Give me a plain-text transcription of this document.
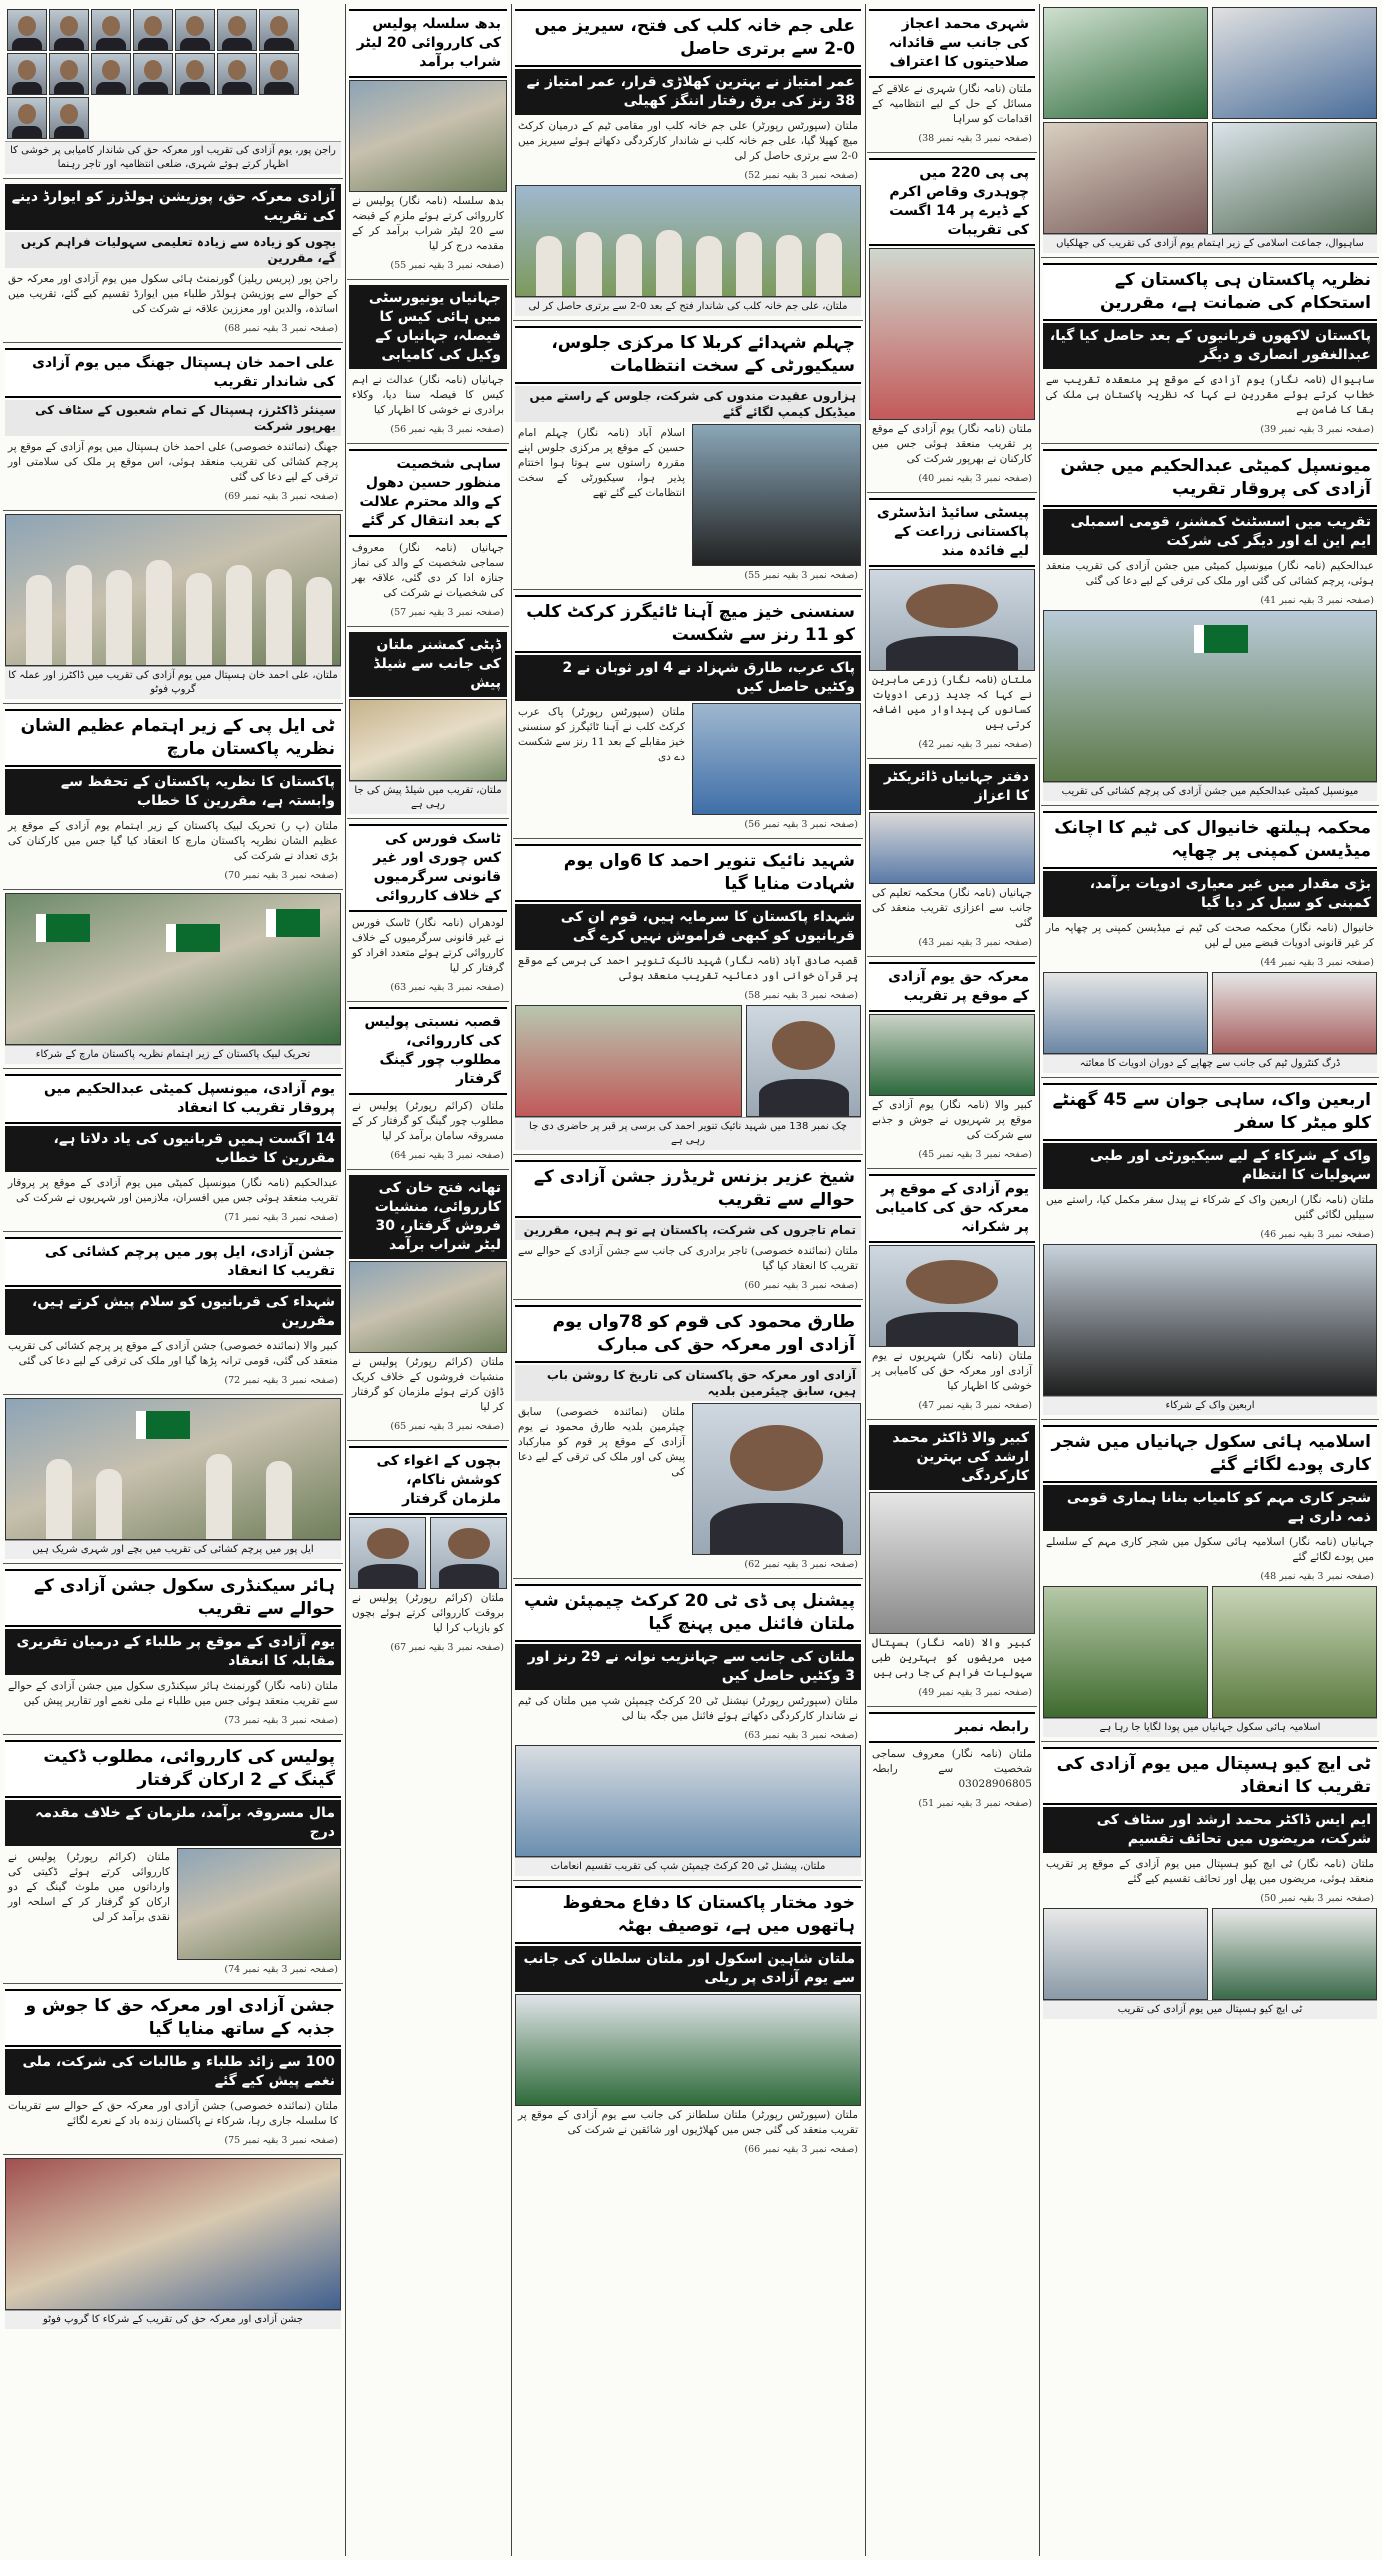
راجن پور، یوم آزادی کی تقریب اور معرکہ حق کی شاندار کامیابی پر خوشی کا اظہار کرتے ہوئے شہری، ضلعی انتظامیہ اور تاجر رہنما
آزادی معرکہ حق، پوزیشن ہولڈرز کو ایوارڈ دینے کی تقریب
بچوں کو زیادہ سے زیادہ تعلیمی سہولیات فراہم کریں گے، مقررین
راجن پور (پریس ریلیز) گورنمنٹ ہائی سکول میں یوم آزادی اور معرکہ حق کے حوالے سے پوزیشن ہولڈر طلباء میں ایوارڈ تقسیم کیے گئے، تقریب میں اساتذہ، والدین اور معززین علاقہ نے شرکت کی
(صفحہ نمبر 3 بقیہ نمبر 68)
علی احمد خان ہسپتال جھنگ میں یوم آزادی کی شاندار تقریب
سینئر ڈاکٹرز، ہسپتال کے تمام شعبوں کے سٹاف کی بھرپور شرکت
جھنگ (نمائندہ خصوصی) علی احمد خان ہسپتال میں یوم آزادی کے موقع پر پرچم کشائی کی تقریب منعقد ہوئی، اس موقع پر ملک کی سلامتی اور ترقی کے لیے دعا کی گئی
(صفحہ نمبر 3 بقیہ نمبر 69)
ملتان، علی احمد خان ہسپتال میں یوم آزادی کی تقریب میں ڈاکٹرز اور عملہ کا گروپ فوٹو
ٹی ایل پی کے زیر اہتمام عظیم الشان نظریہ پاکستان مارچ
پاکستان کا نظریہ پاکستان کے تحفظ سے وابستہ ہے، مقررین کا خطاب
ملتان (پ ر) تحریک لبیک پاکستان کے زیر اہتمام یوم آزادی کے موقع پر عظیم الشان نظریہ پاکستان مارچ کا انعقاد کیا گیا جس میں کارکنان کی بڑی تعداد نے شرکت کی
(صفحہ نمبر 3 بقیہ نمبر 70)
تحریک لبیک پاکستان کے زیر اہتمام نظریہ پاکستان مارچ کے شرکاء
یوم آزادی، میونسپل کمیٹی عبدالحکیم میں پروقار تقریب کا انعقاد
14 اگست ہمیں قربانیوں کی یاد دلاتا ہے، مقررین کا خطاب
عبدالحکیم (نامہ نگار) میونسپل کمیٹی میں یوم آزادی کے موقع پر پروقار تقریب منعقد ہوئی جس میں افسران، ملازمین اور شہریوں نے شرکت کی
(صفحہ نمبر 3 بقیہ نمبر 71)
جشن آزادی، ایل پور میں پرچم کشائی کی تقریب کا انعقاد
شہداء کی قربانیوں کو سلام پیش کرتے ہیں، مقررین
کبیر والا (نمائندہ خصوصی) جشن آزادی کے موقع پر پرچم کشائی کی تقریب منعقد کی گئی، قومی ترانہ پڑھا گیا اور ملک کی ترقی کے لیے دعا کی گئی
(صفحہ نمبر 3 بقیہ نمبر 72)
ایل پور میں پرچم کشائی کی تقریب میں بچے اور شہری شریک ہیں
ہائر سیکنڈری سکول جشن آزادی کے حوالے سے تقریب
یوم آزادی کے موقع پر طلباء کے درمیان تقریری مقابلہ کا انعقاد
ملتان (نامہ نگار) گورنمنٹ ہائر سیکنڈری سکول میں جشن آزادی کے حوالے سے تقریب منعقد ہوئی جس میں طلباء نے ملی نغمے اور تقاریر پیش کیں
(صفحہ نمبر 3 بقیہ نمبر 73)
پولیس کی کارروائی، مطلوب ڈکیت گینگ کے 2 ارکان گرفتار
مال مسروقہ برآمد، ملزمان کے خلاف مقدمہ درج
ملتان (کرائم رپورٹر) پولیس نے کارروائی کرتے ہوئے ڈکیتی کی وارداتوں میں ملوث گینگ کے دو ارکان کو گرفتار کر کے اسلحہ اور نقدی برآمد کر لی
(صفحہ نمبر 3 بقیہ نمبر 74)
جشن آزادی اور معرکہ حق کا جوش و جذبہ کے ساتھ منایا گیا
100 سے زائد طلباء و طالبات کی شرکت، ملی نغمے پیش کیے گئے
ملتان (نمائندہ خصوصی) جشن آزادی اور معرکہ حق کے حوالے سے تقریبات کا سلسلہ جاری رہا، شرکاء نے پاکستان زندہ باد کے نعرے لگائے
(صفحہ نمبر 3 بقیہ نمبر 75)
جشن آزادی اور معرکہ حق کی تقریب کے شرکاء کا گروپ فوٹو
بدھ سلسلہ پولیس کی کارروائی 20 لیٹر شراب برآمد
بدھ سلسلہ (نامہ نگار) پولیس نے کارروائی کرتے ہوئے ملزم کے قبضہ سے 20 لیٹر شراب برآمد کر کے مقدمہ درج کر لیا
(صفحہ نمبر 3 بقیہ نمبر 55)
جہانیاں یونیورسٹی میں ہائی کیس کا فیصلہ، جہانیاں کے وکیل کی کامیابی
جہانیاں (نامہ نگار) عدالت نے اہم کیس کا فیصلہ سنا دیا، وکلاء برادری نے خوشی کا اظہار کیا
(صفحہ نمبر 3 بقیہ نمبر 56)
ساہی شخصیت منظور حسین دھول کے والد محترم علالت کے بعد انتقال کر گئے
جہانیاں (نامہ نگار) معروف سماجی شخصیت کے والد کی نماز جنازہ ادا کر دی گئی، علاقہ بھر کی شخصیات نے شرکت کی
(صفحہ نمبر 3 بقیہ نمبر 57)
ڈپٹی کمشنر ملتان کی جانب سے شیلڈ پیش
ملتان، تقریب میں شیلڈ پیش کی جا رہی ہے
ٹاسک فورس کی کس چوری اور غیر قانونی سرگرمیوں کے خلاف کارروائی
لودھراں (نامہ نگار) ٹاسک فورس نے غیر قانونی سرگرمیوں کے خلاف کارروائی کرتے ہوئے متعدد افراد کو گرفتار کر لیا
(صفحہ نمبر 3 بقیہ نمبر 63)
قصبہ نسبتی پولیس کی کارروائی، مطلوب چور گینگ گرفتار
ملتان (کرائم رپورٹر) پولیس نے مطلوب چور گینگ کو گرفتار کر کے مسروقہ سامان برآمد کر لیا
(صفحہ نمبر 3 بقیہ نمبر 64)
تھانہ فتح خان کی کارروائی، منشیات فروش گرفتار، 30 لیٹر شراب برآمد
ملتان (کرائم رپورٹر) پولیس نے منشیات فروشوں کے خلاف کریک ڈاؤن کرتے ہوئے ملزمان کو گرفتار کر لیا
(صفحہ نمبر 3 بقیہ نمبر 65)
بچوں کے اغواء کی کوشش ناکام، ملزمان گرفتار
ملتان (کرائم رپورٹر) پولیس نے بروقت کارروائی کرتے ہوئے بچوں کو بازیاب کرا لیا
(صفحہ نمبر 3 بقیہ نمبر 67)
علی جم خانہ کلب کی فتح، سیریز میں 0-2 سے برتری حاصل
عمر امتیاز نے بہترین کھلاڑی قرار، عمر امتیاز نے 38 رنز کی برق رفتار اننگز کھیلی
ملتان (سپورٹس رپورٹر) علی جم خانہ کلب اور مقامی ٹیم کے درمیان کرکٹ میچ کھیلا گیا، علی جم خانہ کلب نے شاندار کارکردگی دکھاتے ہوئے سیریز میں 0-2 سے برتری حاصل کر لی
(صفحہ نمبر 3 بقیہ نمبر 52)
ملتان، علی جم خانہ کلب کی شاندار فتح کے بعد 0-2 سے برتری حاصل کر لی
چہلم شہدائے کربلا کا مرکزی جلوس، سیکیورٹی کے سخت انتظامات
ہزاروں عقیدت مندوں کی شرکت، جلوس کے راستے میں میڈیکل کیمپ لگائے گئے
اسلام آباد (نامہ نگار) چہلم امام حسین کے موقع پر مرکزی جلوس اپنے مقررہ راستوں سے ہوتا ہوا اختتام پذیر ہوا، سیکیورٹی کے سخت انتظامات کیے گئے تھے
(صفحہ نمبر 3 بقیہ نمبر 55)
سنسنی خیز میچ آہنا ٹائیگرز کرکٹ کلب کو 11 رنز سے شکست
پاک عرب، طارق شہزاد نے 4 اور ثوبان نے 2 وکٹیں حاصل کیں
ملتان (سپورٹس رپورٹر) پاک عرب کرکٹ کلب نے آہنا ٹائیگرز کو سنسنی خیز مقابلے کے بعد 11 رنز سے شکست دے دی
(صفحہ نمبر 3 بقیہ نمبر 56)
شہید نائیک تنویر احمد کا 6واں یوم شہادت منایا گیا
شہداء پاکستان کا سرمایہ ہیں، قوم ان کی قربانیوں کو کبھی فراموش نہیں کرے گی
قصبہ صادق آباد (نامہ نگار) شہید نائیک تنویر احمد کی برسی کے موقع پر قرآن خوانی اور دعائیہ تقریب منعقد ہوئی
(صفحہ نمبر 3 بقیہ نمبر 58)
چک نمبر 138 میں شہید نائیک تنویر احمد کی برسی پر قبر پر حاضری دی جا رہی ہے
شیخ عزیر بزنس ٹریڈرز جشن آزادی کے حوالے سے تقریب
تمام تاجروں کی شرکت، پاکستان ہے تو ہم ہیں، مقررین
ملتان (نمائندہ خصوصی) تاجر برادری کی جانب سے جشن آزادی کے حوالے سے تقریب کا انعقاد کیا گیا
(صفحہ نمبر 3 بقیہ نمبر 60)
طارق محمود کی قوم کو 78واں یوم آزادی اور معرکہ حق کی مبارک
آزادی اور معرکہ حق پاکستان کی تاریخ کا روشن باب ہیں، سابق چیئرمین بلدیہ
ملتان (نمائندہ خصوصی) سابق چیئرمین بلدیہ طارق محمود نے یوم آزادی کے موقع پر قوم کو مبارکباد پیش کی اور ملک کی ترقی کے لیے دعا کی
(صفحہ نمبر 3 بقیہ نمبر 62)
پیشنل پی ڈی ٹی 20 کرکٹ چیمپئن شپ ملتان فائنل میں پہنچ گیا
ملتان کی جانب سے جہانزیب نوانہ نے 29 رنز اور 3 وکٹیں حاصل کیں
ملتان (سپورٹس رپورٹر) نیشنل ٹی 20 کرکٹ چیمپئن شپ میں ملتان کی ٹیم نے شاندار کارکردگی دکھاتے ہوئے فائنل میں جگہ بنا لی
(صفحہ نمبر 3 بقیہ نمبر 63)
ملتان، پیشنل ٹی 20 کرکٹ چیمپئن شپ کی تقریب تقسیم انعامات
خود مختار پاکستان کا دفاع محفوظ ہاتھوں میں ہے، توصیف بھٹہ
ملتان شاہین اسکول اور ملتان سلطان کی جانب سے یوم آزادی پر ریلی
ملتان (سپورٹس رپورٹر) ملتان سلطانز کی جانب سے یوم آزادی کے موقع پر تقریب منعقد کی گئی جس میں کھلاڑیوں اور شائقین نے شرکت کی
(صفحہ نمبر 3 بقیہ نمبر 66)
شہری محمد اعجاز کی جانب سے قائدانہ صلاحیتوں کا اعتراف
ملتان (نامہ نگار) شہری نے علاقے کے مسائل کے حل کے لیے انتظامیہ کے اقدامات کو سراہا
(صفحہ نمبر 3 بقیہ نمبر 38)
پی پی 220 میں چوہدری وقاص اکرم کے ڈیرے پر 14 اگست کی تقریبات
ملتان (نامہ نگار) یوم آزادی کے موقع پر تقریب منعقد ہوئی جس میں کارکنان نے بھرپور شرکت کی
(صفحہ نمبر 3 بقیہ نمبر 40)
پیسٹی سائیڈ انڈسٹری پاکستانی زراعت کے لیے فائدہ مند
ملتان (نامہ نگار) زرعی ماہرین نے کہا کہ جدید زرعی ادویات کسانوں کی پیداوار میں اضافہ کرتی ہیں
(صفحہ نمبر 3 بقیہ نمبر 42)
دفتر جہانیاں ڈائریکٹر کا اعزاز
جہانیاں (نامہ نگار) محکمہ تعلیم کی جانب سے اعزازی تقریب منعقد کی گئی
(صفحہ نمبر 3 بقیہ نمبر 43)
معرکہ حق یوم آزادی کے موقع پر تقریب
کبیر والا (نامہ نگار) یوم آزادی کے موقع پر شہریوں نے جوش و جذبے سے شرکت کی
(صفحہ نمبر 3 بقیہ نمبر 45)
یوم آزادی کے موقع پر معرکہ حق کی کامیابی پر شکرانہ
ملتان (نامہ نگار) شہریوں نے یوم آزادی اور معرکہ حق کی کامیابی پر خوشی کا اظہار کیا
(صفحہ نمبر 3 بقیہ نمبر 47)
کبیر والا ڈاکٹر محمد ارشد کی بہترین کارکردگی
کبیر والا (نامہ نگار) ہسپتال میں مریضوں کو بہترین طبی سہولیات فراہم کی جا رہی ہیں
(صفحہ نمبر 3 بقیہ نمبر 49)
رابطہ نمبر
ملتان (نامہ نگار) معروف سماجی شخصیت سے رابطہ 03028906805
(صفحہ نمبر 3 بقیہ نمبر 51)
ساہیوال، جماعت اسلامی کے زیر اہتمام یوم آزادی کی تقریب کی جھلکیاں
نظریہ پاکستان ہی پاکستان کے استحکام کی ضمانت ہے، مقررین
پاکستان لاکھوں قربانیوں کے بعد حاصل کیا گیا، عبدالغفور انصاری و دیگر
ساہیوال (نامہ نگار) یوم آزادی کے موقع پر منعقدہ تقریب سے خطاب کرتے ہوئے مقررین نے کہا کہ نظریہ پاکستان ہی ملک کی بقا کا ضامن ہے
(صفحہ نمبر 3 بقیہ نمبر 39)
میونسپل کمیٹی عبدالحکیم میں جشن آزادی کی پروقار تقریب
تقریب میں اسسٹنٹ کمشنر، قومی اسمبلی ایم این اے اور دیگر کی شرکت
عبدالحکیم (نامہ نگار) میونسپل کمیٹی میں جشن آزادی کی تقریب منعقد ہوئی، پرچم کشائی کی گئی اور ملک کی ترقی کے لیے دعا کی گئی
(صفحہ نمبر 3 بقیہ نمبر 41)
میونسپل کمیٹی عبدالحکیم میں جشن آزادی کی پرچم کشائی کی تقریب
محکمہ ہیلتھ خانیوال کی ٹیم کا اچانک میڈیسن کمپنی پر چھاپہ
بڑی مقدار میں غیر معیاری ادویات برآمد، کمپنی کو سیل کر دیا گیا
خانیوال (نامہ نگار) محکمہ صحت کی ٹیم نے میڈیسن کمپنی پر چھاپہ مار کر غیر قانونی ادویات قبضے میں لے لیں
(صفحہ نمبر 3 بقیہ نمبر 44)
ڈرگ کنٹرول ٹیم کی جانب سے چھاپے کے دوران ادویات کا معائنہ
اربعین واک، ساہی جوان سے 45 گھنٹے کلو میٹر کا سفر
واک کے شرکاء کے لیے سیکیورٹی اور طبی سہولیات کا انتظام
ملتان (نامہ نگار) اربعین واک کے شرکاء نے پیدل سفر مکمل کیا، راستے میں سبیلیں لگائی گئیں
(صفحہ نمبر 3 بقیہ نمبر 46)
اربعین واک کے شرکاء
اسلامیہ ہائی سکول جہانیاں میں شجر کاری پودے لگائے گئے
شجر کاری مہم کو کامیاب بنانا ہماری قومی ذمہ داری ہے
جہانیاں (نامہ نگار) اسلامیہ ہائی سکول میں شجر کاری مہم کے سلسلے میں پودے لگائے گئے
(صفحہ نمبر 3 بقیہ نمبر 48)
اسلامیہ ہائی سکول جہانیاں میں پودا لگایا جا رہا ہے
ٹی ایچ کیو ہسپتال میں یوم آزادی کی تقریب کا انعقاد
ایم ایس ڈاکٹر محمد ارشد اور سٹاف کی شرکت، مریضوں میں تحائف تقسیم
ملتان (نامہ نگار) ٹی ایچ کیو ہسپتال میں یوم آزادی کے موقع پر تقریب منعقد ہوئی، مریضوں میں پھل اور تحائف تقسیم کیے گئے
(صفحہ نمبر 3 بقیہ نمبر 50)
ٹی ایچ کیو ہسپتال میں یوم آزادی کی تقریب
